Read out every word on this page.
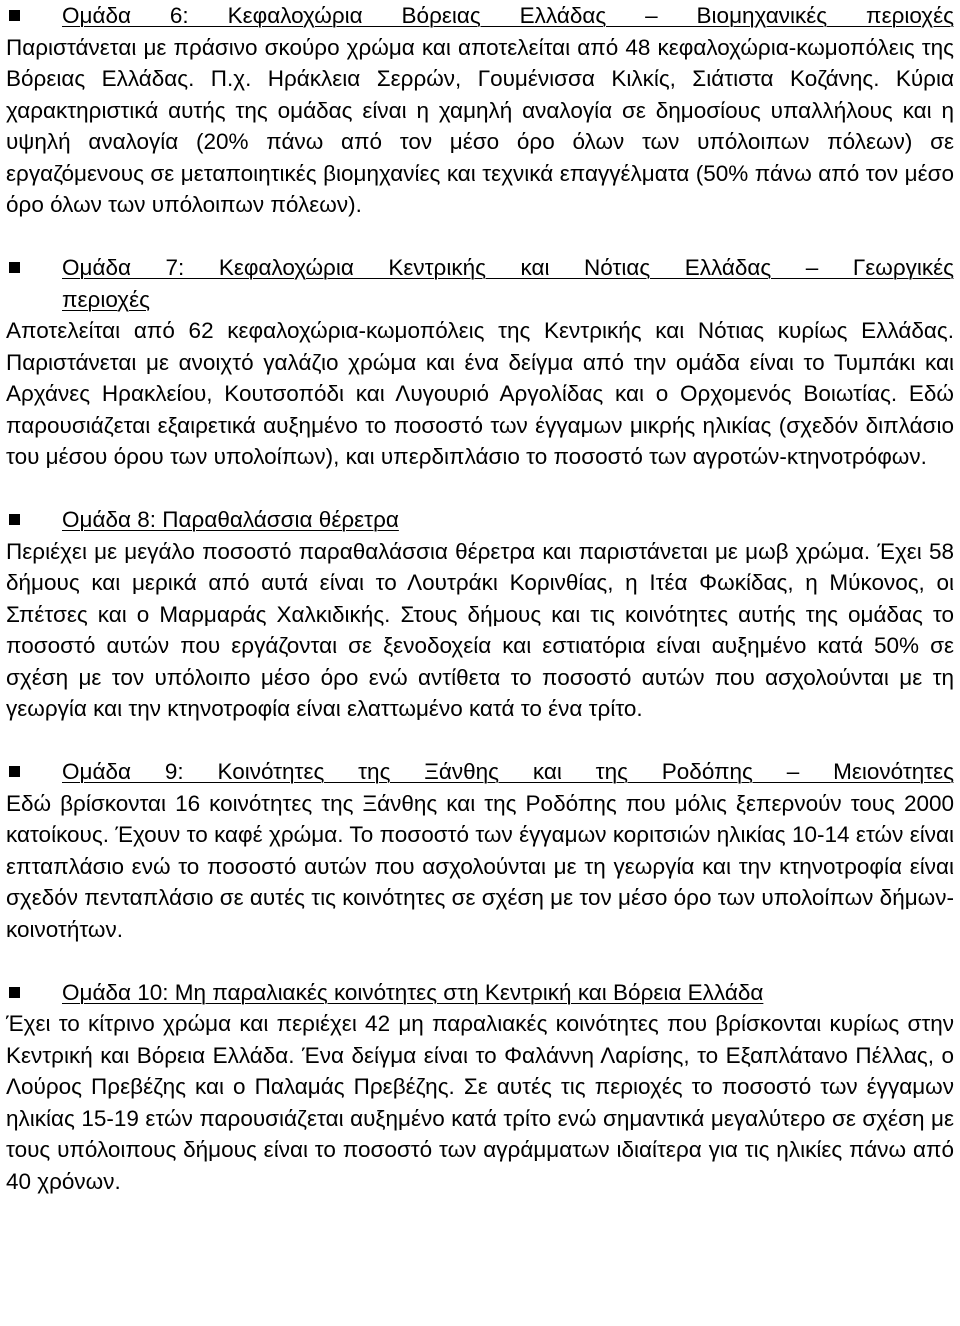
Ομάδα 6: Κεφαλοχώρια Βόρειας Ελλάδας – Βιομηχανικές περιοχές
Παριστάνεται με πράσινο σκούρο χρώμα και αποτελείται από 48 κεφαλοχώρια-κωμοπόλεις της Βόρειας Ελλάδας. Π.χ. Ηράκλεια Σερρών, Γουμένισσα Κιλκίς, Σιάτιστα Κοζάνης. Κύρια χαρακτηριστικά αυτής της ομάδας είναι η χαμηλή αναλογία σε δημοσίους υπαλλήλους και η υψηλή αναλογία (20% πάνω από τον μέσο όρο όλων των υπόλοιπων πόλεων) σε εργαζόμενους σε μεταποιητικές βιομηχανίες και τεχνικά επαγγέλματα (50% πάνω από τον μέσο όρο όλων των υπόλοιπων πόλεων).
Ομάδα 7: Κεφαλοχώρια Κεντρικής και Νότιας Ελλάδας – Γεωργικές
περιοχές
Αποτελείται από 62 κεφαλοχώρια-κωμοπόλεις της Κεντρικής και Νότιας κυρίως Ελλάδας. Παριστάνεται με ανοιχτό γαλάζιο χρώμα και ένα δείγμα από την ομάδα είναι το Τυμπάκι και Αρχάνες Ηρακλείου, Κουτσοπόδι και Λυγουριό Αργολίδας και ο Ορχομενός Βοιωτίας. Εδώ παρουσιάζεται εξαιρετικά αυξημένο το ποσοστό των έγγαμων μικρής ηλικίας (σχεδόν διπλάσιο του μέσου όρου των υπολοίπων), και υπερδιπλάσιο το ποσοστό των αγροτών-κτηνοτρόφων.
Ομάδα 8: Παραθαλάσσια θέρετρα
Περιέχει με μεγάλο ποσοστό παραθαλάσσια θέρετρα και παριστάνεται με μωβ χρώμα. Έχει 58 δήμους και μερικά από αυτά είναι το Λουτράκι Κορινθίας, η Ιτέα Φωκίδας, η Μύκονος, οι Σπέτσες και ο Μαρμαράς Χαλκιδικής. Στους δήμους και τις κοινότητες αυτής της ομάδας το ποσοστό αυτών που εργάζονται σε ξενοδοχεία και εστιατόρια είναι αυξημένο κατά 50% σε σχέση με τον υπόλοιπο μέσο όρο ενώ αντίθετα το ποσοστό αυτών που ασχολούνται με τη γεωργία και την κτηνοτροφία είναι ελαττωμένο κατά το ένα τρίτο.
Ομάδα 9: Κοινότητες της Ξάνθης και της Ροδόπης – Μειονότητες
Εδώ βρίσκονται 16 κοινότητες της Ξάνθης και της Ροδόπης που μόλις ξεπερνούν τους 2000 κατοίκους. Έχουν το καφέ χρώμα. Το ποσοστό των έγγαμων κοριτσιών ηλικίας 10-14 ετών είναι επταπλάσιο ενώ το ποσοστό αυτών που ασχολούνται με τη γεωργία και την κτηνοτροφία είναι σχεδόν πενταπλάσιο σε αυτές τις κοινότητες σε σχέση με τον μέσο όρο των υπολοίπων δήμων-κοινοτήτων.
Ομάδα 10: Μη παραλιακές κοινότητες στη Κεντρική και Βόρεια Ελλάδα
Έχει το κίτρινο χρώμα και περιέχει 42 μη παραλιακές κοινότητες που βρίσκονται κυρίως στην Κεντρική και Βόρεια Ελλάδα. Ένα δείγμα είναι το Φαλάννη Λαρίσης, το Εξαπλάτανο Πέλλας, ο Λούρος Πρεβέζης και ο Παλαμάς Πρεβέζης. Σε αυτές τις περιοχές το ποσοστό των έγγαμων ηλικίας 15-19 ετών παρουσιάζεται αυξημένο κατά τρίτο ενώ σημαντικά μεγαλύτερο σε σχέση με τους υπόλοιπους δήμους είναι το ποσοστό των αγράμματων ιδιαίτερα για τις ηλικίες πάνω από 40 χρόνων.
